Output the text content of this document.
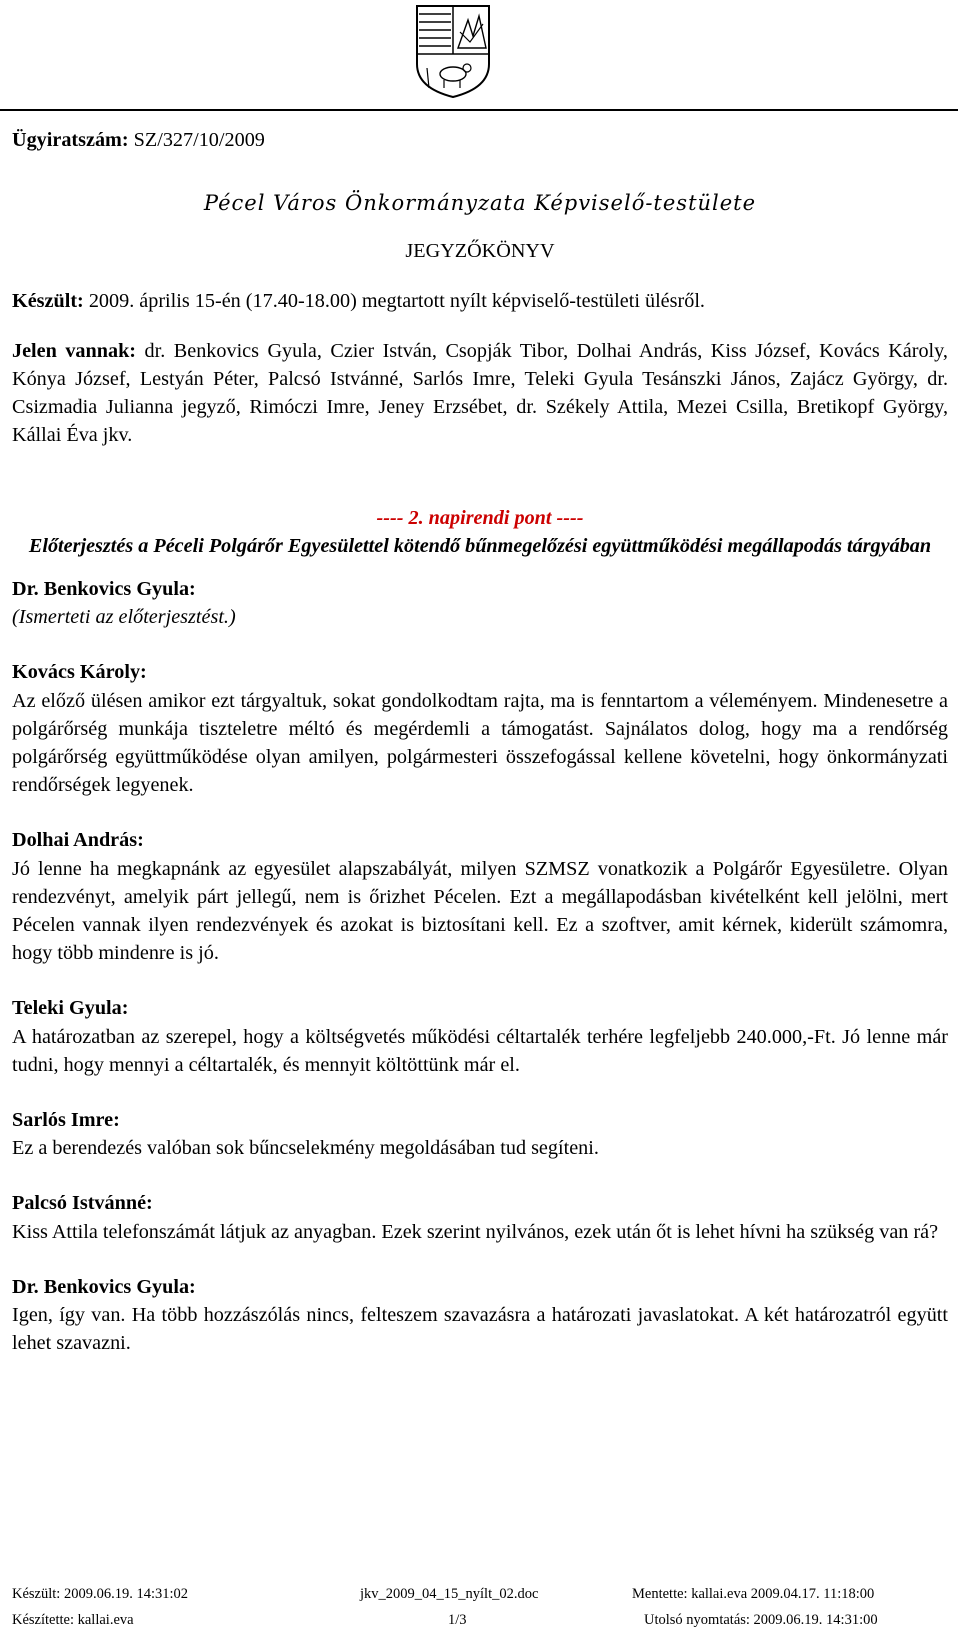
Ügyiratszám: SZ/327/10/2009

Pécel Város Önkormányzata Képviselő-testülete

JEGYZŐKÖNYV

Készült: 2009. április 15-én (17.40-18.00) megtartott nyílt képviselő-testületi ülésről.

Jelen vannak: dr. Benkovics Gyula, Czier István, Csopják Tibor, Dolhai András, Kiss József, Kovács Károly, Kónya József, Lestyán Péter, Palcsó Istvánné, Sarlós Imre, Teleki Gyula Tesánszki János, Zajácz György, dr. Csizmadia Julianna jegyző, Rimóczi Imre, Jeney Erzsébet, dr. Székely Attila, Mezei Csilla, Bretikopf György, Kállai Éva jkv.

---- 2. napirendi pont ----

Előterjesztés a Péceli Polgárőr Egyesülettel kötendő bűnmegelőzési együttműködési megállapodás tárgyában

Dr. Benkovics Gyula:

(Ismerteti az előterjesztést.)

Kovács Károly:

Az előző ülésen amikor ezt tárgyaltuk, sokat gondolkodtam rajta, ma is fenntartom a véleményem. Mindenesetre a polgárőrség munkája tiszteletre méltó és megérdemli a támogatást. Sajnálatos dolog, hogy ma a rendőrség polgárőrség együttműködése olyan amilyen, polgármesteri összefogással kellene követelni, hogy önkormányzati rendőrségek legyenek.

Dolhai András:

Jó lenne ha megkapnánk az egyesület alapszabályát, milyen SZMSZ vonatkozik a Polgárőr Egyesületre. Olyan rendezvényt, amelyik párt jellegű, nem is őrizhet Pécelen. Ezt a megállapodásban kivételként kell jelölni, mert Pécelen vannak ilyen rendezvények és azokat is biztosítani kell. Ez a szoftver, amit kérnek, kiderült számomra, hogy több mindenre is jó.

Teleki Gyula:

A határozatban az szerepel, hogy a költségvetés működési céltartalék terhére legfeljebb 240.000,-Ft. Jó lenne már tudni, hogy mennyi a céltartalék, és mennyit költöttünk már el.

Sarlós Imre:

Ez a berendezés valóban sok bűncselekmény megoldásában tud segíteni.

Palcsó Istvánné:

Kiss Attila telefonszámát látjuk az anyagban. Ezek szerint nyilvános, ezek után őt is lehet hívni ha szükség van rá?

Dr. Benkovics Gyula:

Igen, így van. Ha több hozzászólás nincs, felteszem szavazásra a határozati javaslatokat. A két határozatról együtt lehet szavazni.

Készült: 2009.06.19. 14:31:02	jkv_2009_04_15_nyílt_02.doc	Mentette: kallai.eva 2009.04.17. 11:18:00
Készítette: kallai.eva	1/3	Utolsó nyomtatás: 2009.06.19. 14:31:00
